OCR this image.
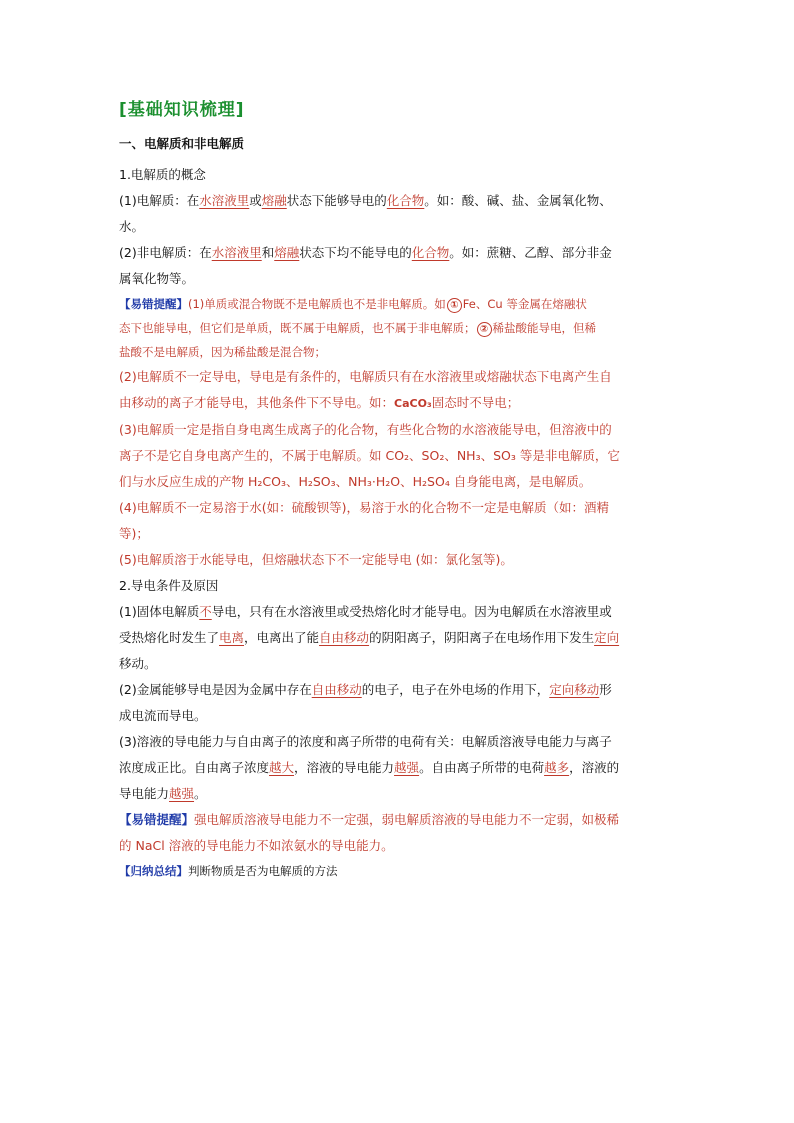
[基础知识梳理]
一、电解质和非电解质
1.电解质的概念
(1)电解质：在水溶液里或熔融状态下能够导电的化合物。如：酸、碱、盐、金属氧化物、
水。
(2)非电解质：在水溶液里和熔融状态下均不能导电的化合物。如：蔗糖、乙醇、部分非金
属氧化物等。
【易错提醒】(1)单质或混合物既不是电解质也不是非电解质。如 ① Fe、Cu 等金属在熔融状
态下也能导电，但它们是单质，既不属于电解质，也不属于非电解质； ② 稀盐酸能导电，但稀
盐酸不是电解质，因为稀盐酸是混合物；
(2)电解质不一定导电，导电是有条件的，电解质只有在水溶液里或熔融状态下电离产生自
由移动的离子才能导电，其他条件下不导电。如：CaCO₃固态时不导电；
(3)电解质一定是指自身电离生成离子的化合物，有些化合物的水溶液能导电，但溶液中的
离子不是它自身电离产生的，不属于电解质。如 CO₂、SO₂、NH₃、SO₃ 等是非电解质，它
们与水反应生成的产物 H₂CO₃、H₂SO₃、NH₃·H₂O、H₂SO₄ 自身能电离，是电解质。
(4)电解质不一定易溶于水(如：硫酸钡等)，易溶于水的化合物不一定是电解质（如：酒精
等)；
(5)电解质溶于水能导电，但熔融状态下不一定能导电 (如：氯化氢等)。
2.导电条件及原因
(1)固体电解质不导电，只有在水溶液里或受热熔化时才能导电。因为电解质在水溶液里或
受热熔化时发生了电离，电离出了能自由移动的阴阳离子，阴阳离子在电场作用下发生定向
移动。
(2)金属能够导电是因为金属中存在自由移动的电子，电子在外电场的作用下，定向移动形
成电流而导电。
(3)溶液的导电能力与自由离子的浓度和离子所带的电荷有关：电解质溶液导电能力与离子
浓度成正比。自由离子浓度越大，溶液的导电能力越强。自由离子所带的电荷越多，溶液的
导电能力越强。
【易错提醒】强电解质溶液导电能力不一定强，弱电解质溶液的导电能力不一定弱，如极稀
的 NaCl 溶液的导电能力不如浓氨水的导电能力。
【归纳总结】判断物质是否为电解质的方法
